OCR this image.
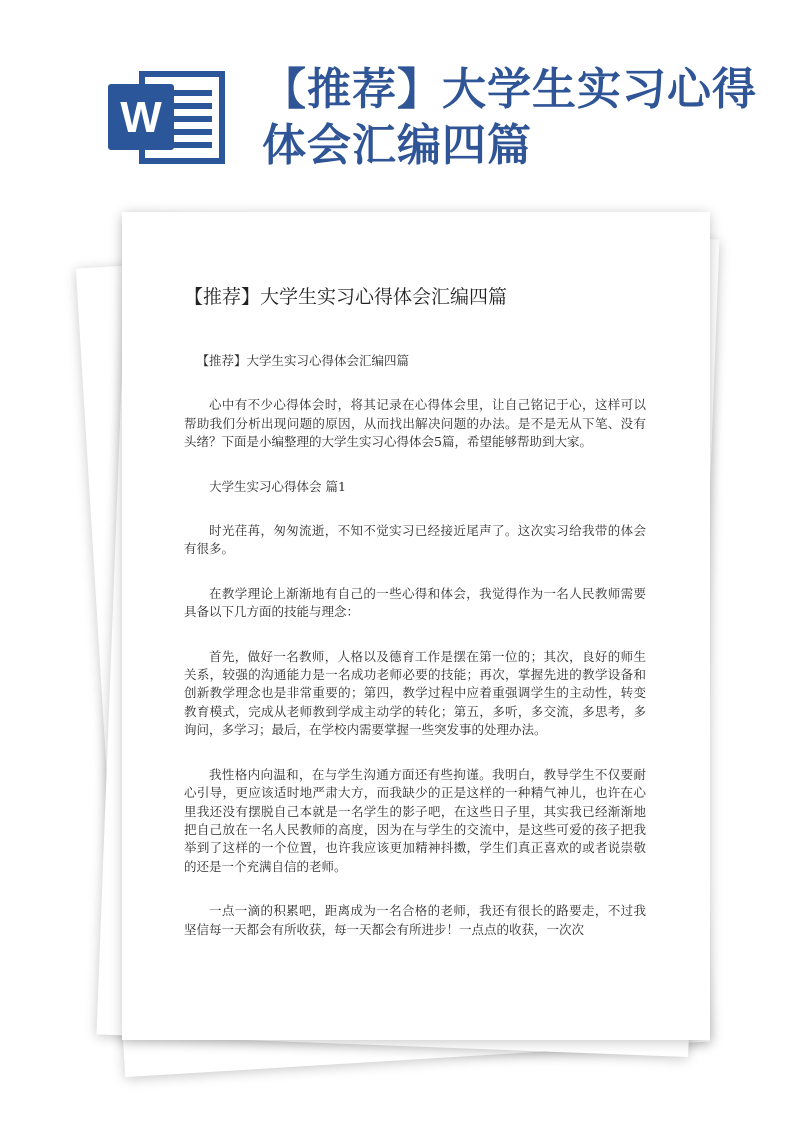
W
【推荐】大学生实习心得体会汇编四篇
【推荐】大学生实习心得体会汇编四篇

【推荐】大学生实习心得体会汇编四篇

心中有不少心得体会时，将其记录在心得体会里，让自己铭记于心，这样可以帮助我们分析出现问题的原因，从而找出解决问题的办法。是不是无从下笔、没有头绪？下面是小编整理的大学生实习心得体会5篇，希望能够帮助到大家。

大学生实习心得体会 篇1

时光荏苒，匆匆流逝，不知不觉实习已经接近尾声了。这次实习给我带的体会有很多。

在教学理论上渐渐地有自己的一些心得和体会，我觉得作为一名人民教师需要具备以下几方面的技能与理念：

首先，做好一名教师，人格以及德育工作是摆在第一位的；其次，良好的师生关系，较强的沟通能力是一名成功老师必要的技能；再次，掌握先进的教学设备和创新教学理念也是非常重要的；第四，教学过程中应着重强调学生的主动性，转变教育模式，完成从老师教到学成主动学的转化；第五，多听，多交流，多思考，多询问，多学习；最后，在学校内需要掌握一些突发事的处理办法。

我性格内向温和，在与学生沟通方面还有些拘谨。我明白，教导学生不仅要耐心引导，更应该适时地严肃大方，而我缺少的正是这样的一种精气神儿，也许在心里我还没有摆脱自己本就是一名学生的影子吧，在这些日子里，其实我已经渐渐地把自己放在一名人民教师的高度，因为在与学生的交流中，是这些可爱的孩子把我举到了这样的一个位置，也许我应该更加精神抖擞，学生们真正喜欢的或者说崇敬的还是一个充满自信的老师。

一点一滴的积累吧，距离成为一名合格的老师，我还有很长的路要走，不过我坚信每一天都会有所收获，每一天都会有所进步！一点点的收获，一次次
